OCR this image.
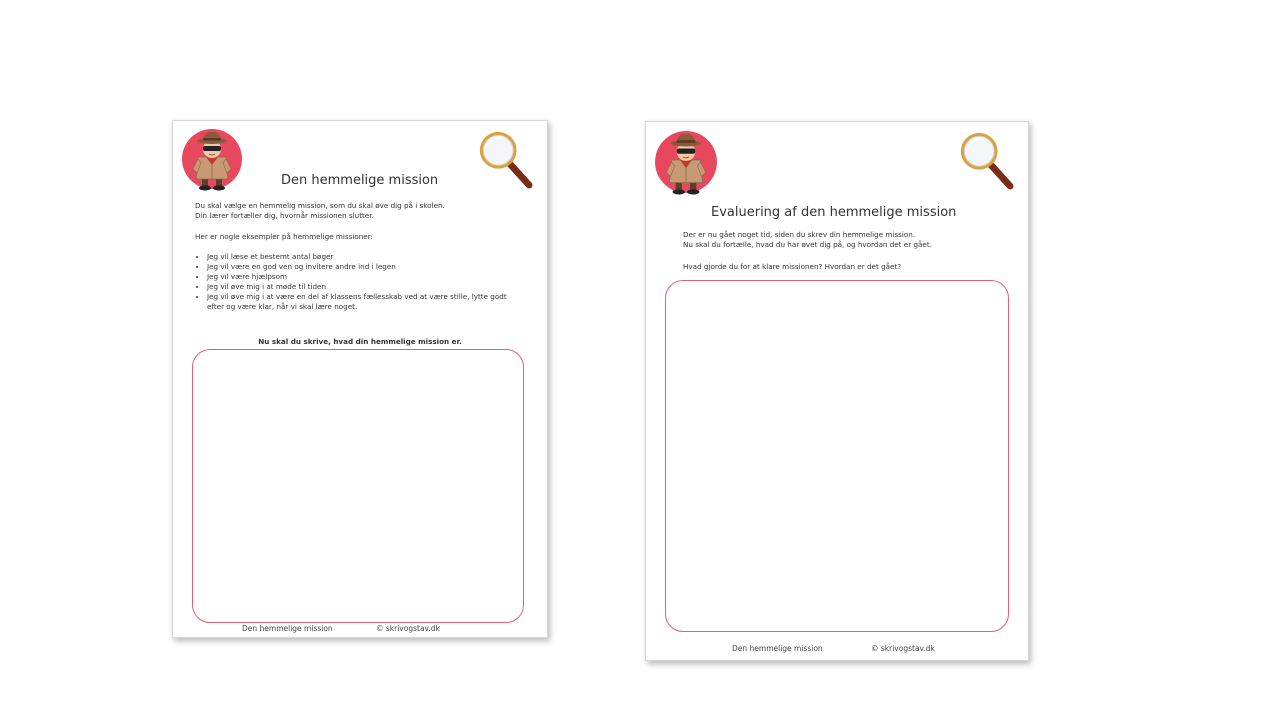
Den hemmelige mission
Du skal vælge en hemmelig mission, som du skal øve dig på i skolen.
Din lærer fortæller dig, hvornår missionen slutter.
Her er nogle eksempler på hemmelige missioner:
• Jeg vil læse et bestemt antal bøger
• Jeg vil være en god ven og invitere andre ind i legen
• Jeg vil være hjælpsom
• Jeg vil øve mig i at møde til tiden
• Jeg vil øve mig i at være en del af klassens fællesskab ved at være stille, lytte godt efter og være klar, når vi skal lære noget.
Nu skal du skrive, hvad din hemmelige mission er.
Den hemmelige mission	© skrivogstav.dk
Evaluering af den hemmelige mission
Der er nu gået noget tid, siden du skrev din hemmelige mission.
Nu skal du fortælle, hvad du har øvet dig på, og hvordan det er gået.
Hvad gjorde du for at klare missionen? Hvordan er det gået?
Den hemmelige mission	© skrivogstav.dk
